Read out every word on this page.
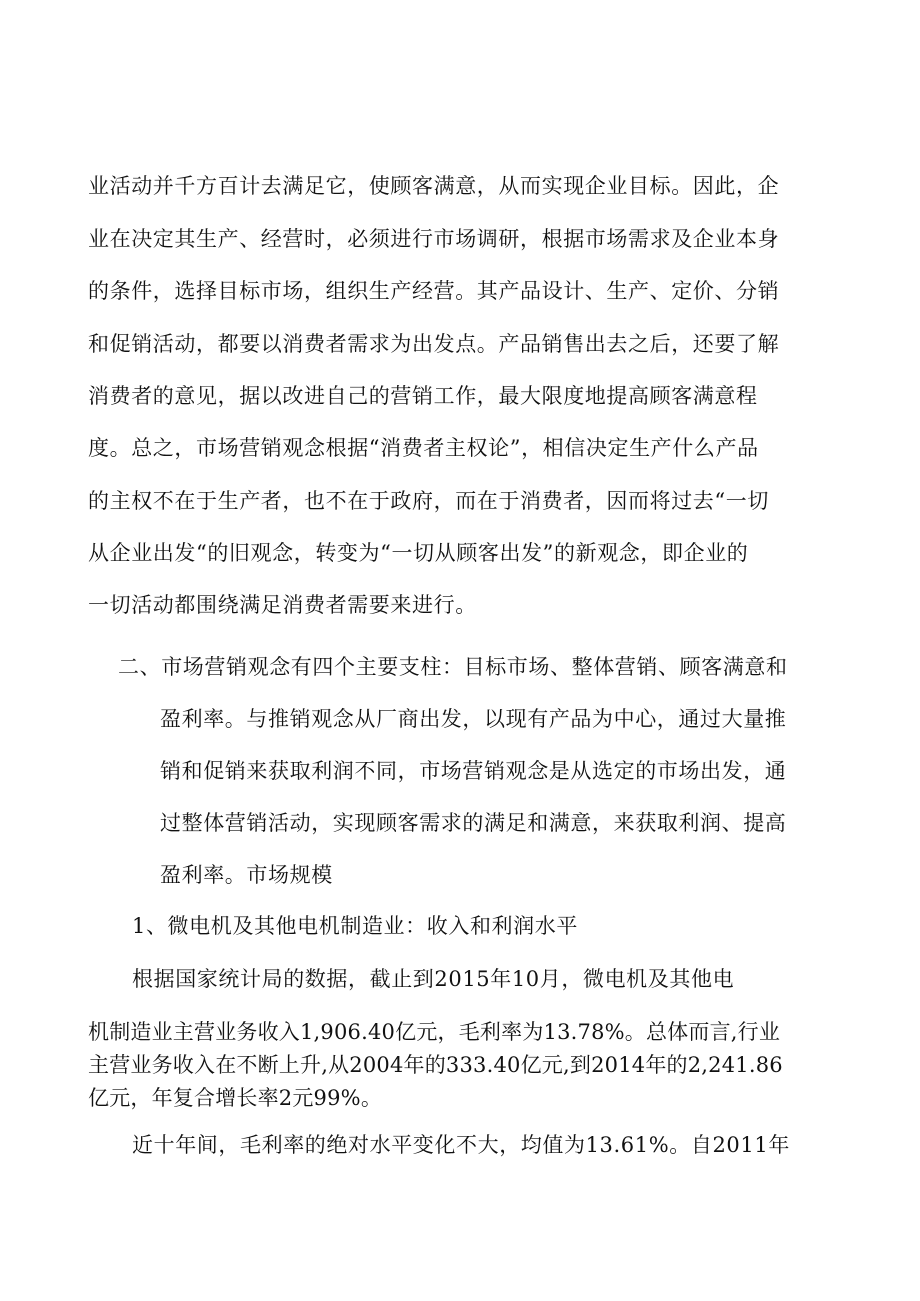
业活动并千方百计去满足它，使顾客满意，从而实现企业目标。因此，企
业在决定其生产、经营时，必须进行市场调研，根据市场需求及企业本身
的条件，选择目标市场，组织生产经营。其产品设计、生产、定价、分销
和促销活动，都要以消费者需求为出发点。产品销售出去之后，还要了解
消费者的意见，据以改进自己的营销工作，最大限度地提高顾客满意程
度。总之，市场营销观念根据“消费者主权论”，相信决定生产什么产品
的主权不在于生产者，也不在于政府，而在于消费者，因而将过去“一切
从企业出发“的旧观念，转变为“一切从顾客出发”的新观念，即企业的
一切活动都围绕满足消费者需要来进行。
二、市场营销观念有四个主要支柱：目标市场、整体营销、顾客满意和
盈利率。与推销观念从厂商出发，以现有产品为中心，通过大量推
销和促销来获取利润不同，市场营销观念是从选定的市场出发，通
过整体营销活动，实现顾客需求的满足和满意，来获取利润、提高
盈利率。市场规模
1、微电机及其他电机制造业：收入和利润水平
根据国家统计局的数据，截止到2015年10月，微电机及其他电
机制造业主营业务收入1,906.40亿元，毛利率为13.78%。总体而言,行业
主营业务收入在不断上升,从2004年的333.40亿元,到2014年的2,241.86
亿元，年复合增长率2元99%。
近十年间，毛利率的绝对水平变化不大，均值为13.61%。自2011年
